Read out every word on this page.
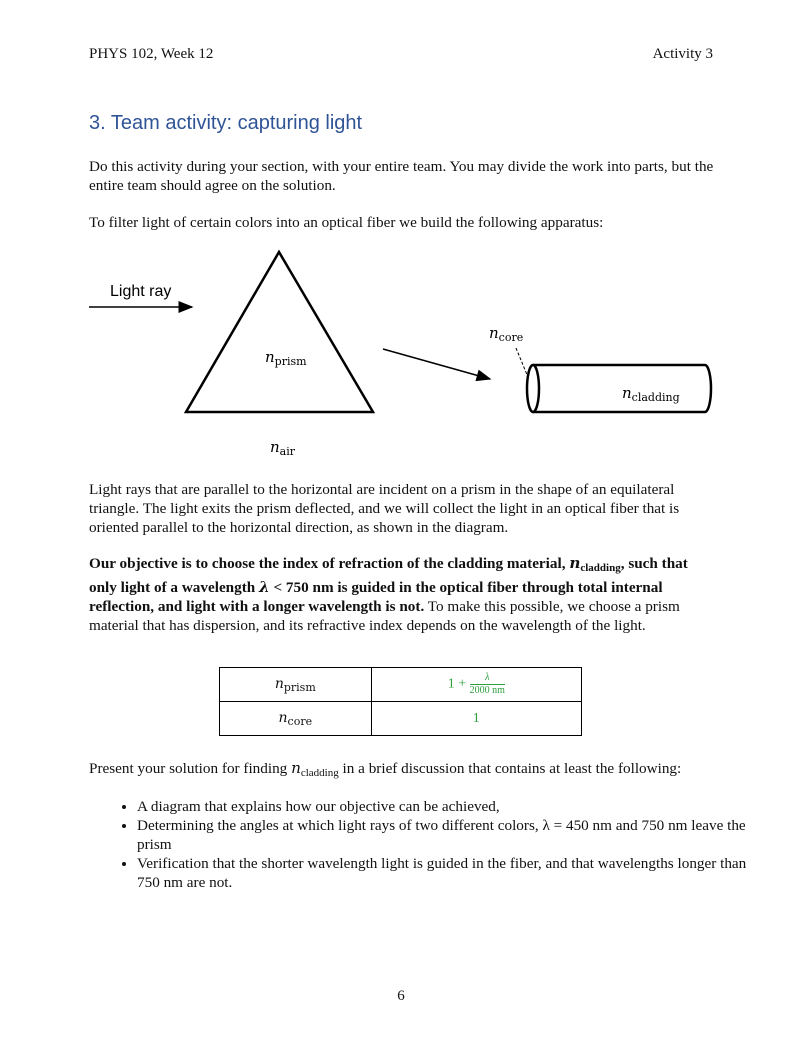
PHYS 102, Week 12	Activity 3
3. Team activity: capturing light

Do this activity during your section, with your entire team. You may divide the work into parts, but the entire team should agree on the solution.

To filter light of certain colors into an optical fiber we build the following apparatus:

Light ray
$n_{prism}$
$n_{air}$
$n_{core}$
$n_{cladding}$

Light rays that are parallel to the horizontal are incident on a prism in the shape of an equilateral triangle. The light exits the prism deflected, and we will collect the light in an optical fiber that is oriented parallel to the horizontal direction, as shown in the diagram.

Our objective is to choose the index of refraction of the cladding material, $n_{cladding}$, such that only light of a wavelength λ < 750 nm is guided in the optical fiber through total internal reflection, and light with a longer wavelength is not. To make this possible, we choose a prism material that has dispersion, and its refractive index depends on the wavelength of the light.

$n_{prism}$	$1 + \frac{\lambda}{2000 nm}$

$n_{core}$	1

Present your solution for finding $n_{cladding}$ in a brief discussion that contains at least the following:

• A diagram that explains how our objective can be achieved,
• Determining the angles at which light rays of two different colors, λ = 450 nm and 750 nm leave the prism
• Verification that the shorter wavelength light is guided in the fiber, and that wavelengths longer than 750 nm are not.
6
